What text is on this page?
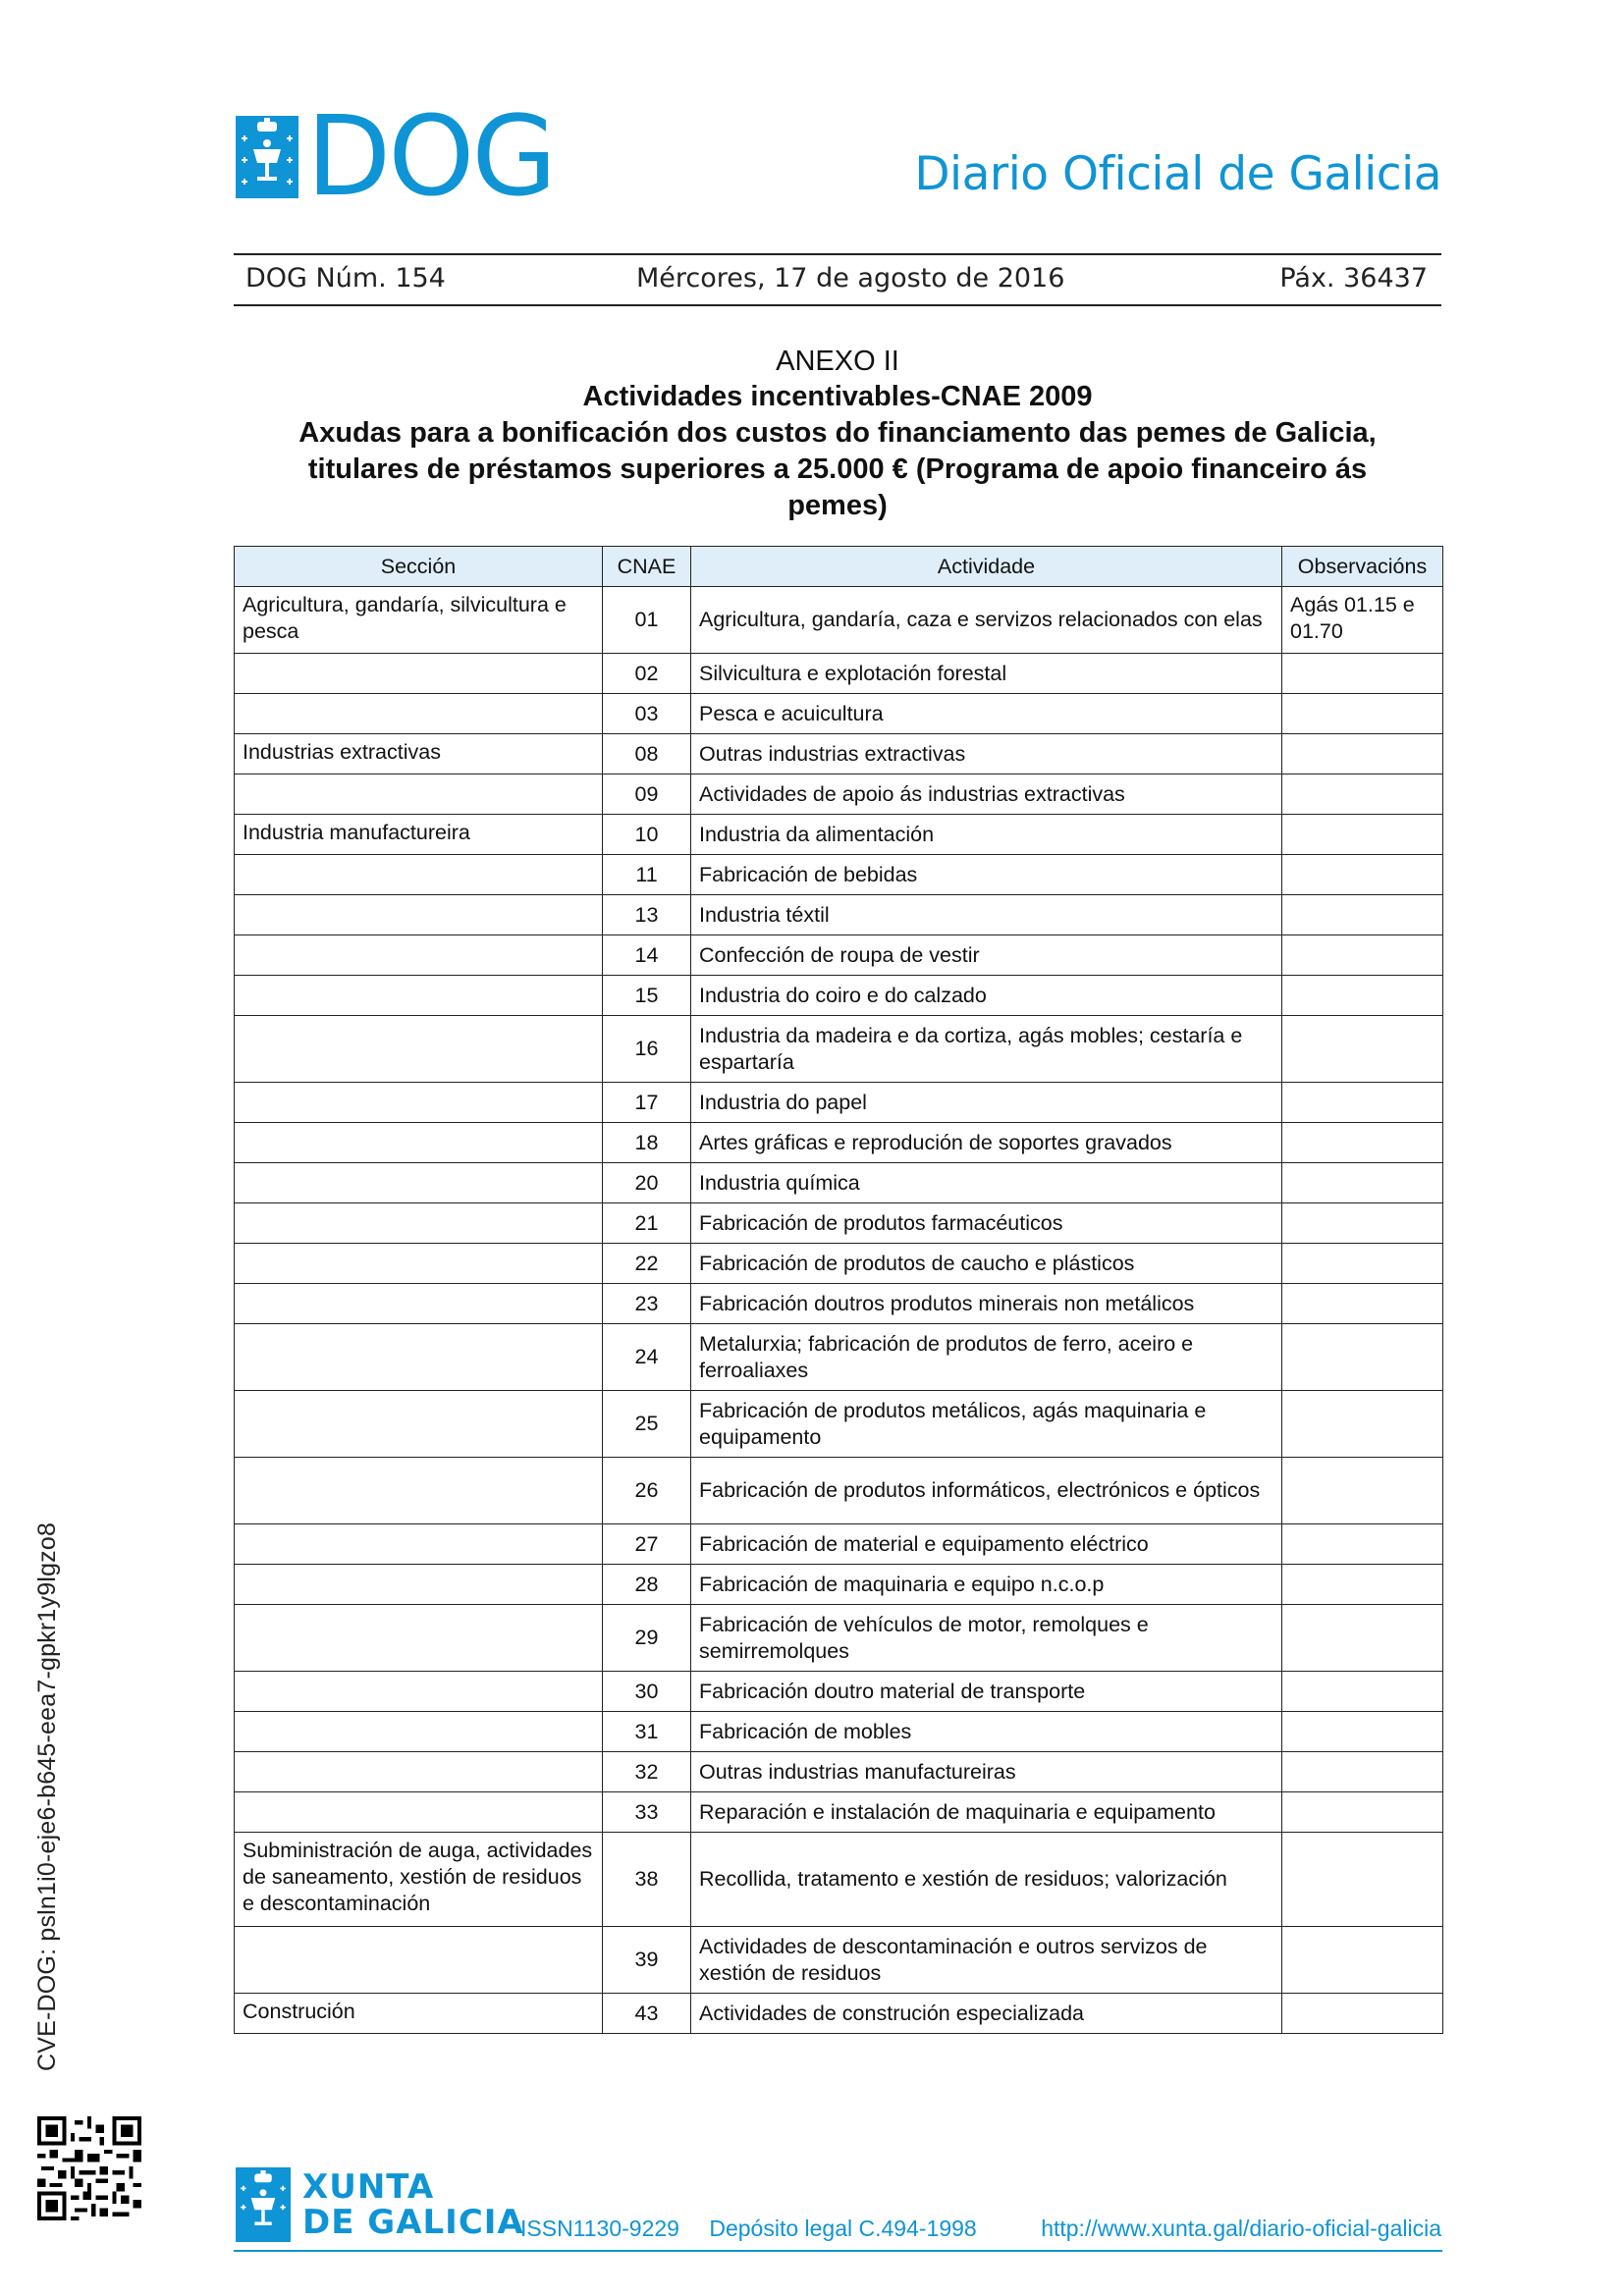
DOG	Diario Oficial de Galicia
DOG Núm. 154	Mércores, 17 de agosto de 2016	Páx. 36437
ANEXO II
Actividades incentivables-CNAE 2009
Axudas para a bonificación dos custos do financiamento das pemes de Galicia,
titulares de préstamos superiores a 25.000 € (Programa de apoio financeiro ás
pemes)
Sección	CNAE	Actividade	Observacións
Agricultura, gandaría, silvicultura e pesca	01	Agricultura, gandaría, caza e servizos relacionados con elas	Agás 01.15 e 01.70
	02	Silvicultura e explotación forestal	
	03	Pesca e acuicultura	
Industrias extractivas	08	Outras industrias extractivas	
	09	Actividades de apoio ás industrias extractivas	
Industria manufactureira	10	Industria da alimentación	
	11	Fabricación de bebidas	
	13	Industria téxtil	
	14	Confección de roupa de vestir	
	15	Industria do coiro e do calzado	
	16	Industria da madeira e da cortiza, agás mobles; cestaría e espartaría	
	17	Industria do papel	
	18	Artes gráficas e reprodución de soportes gravados	
	20	Industria química	
	21	Fabricación de produtos farmacéuticos	
	22	Fabricación de produtos de caucho e plásticos	
	23	Fabricación doutros produtos minerais non metálicos	
	24	Metalurxia; fabricación de produtos de ferro, aceiro e ferroaliaxes	
	25	Fabricación de produtos metálicos, agás maquinaria e equipamento	
	26	Fabricación de produtos informáticos, electrónicos e ópticos	
	27	Fabricación de material e equipamento eléctrico	
	28	Fabricación de maquinaria e equipo n.c.o.p	
	29	Fabricación de vehículos de motor, remolques e semirremolques	
	30	Fabricación doutro material de transporte	
	31	Fabricación de mobles	
	32	Outras industrias manufactureiras	
	33	Reparación e instalación de maquinaria e equipamento	
Subministración de auga, actividades de saneamento, xestión de residuos e descontaminación	38	Recollida, tratamento e xestión de residuos; valorización	
	39	Actividades de descontaminación e outros servizos de xestión de residuos	
Construción	43	Actividades de construción especializada	
CVE-DOG: psln1i0-eje6-b645-eea7-gpkr1y9lgzo8
XUNTA
DE GALICIA
ISSN1130-9229 Depósito legal C.494-1998	http://www.xunta.gal/diario-oficial-galicia
